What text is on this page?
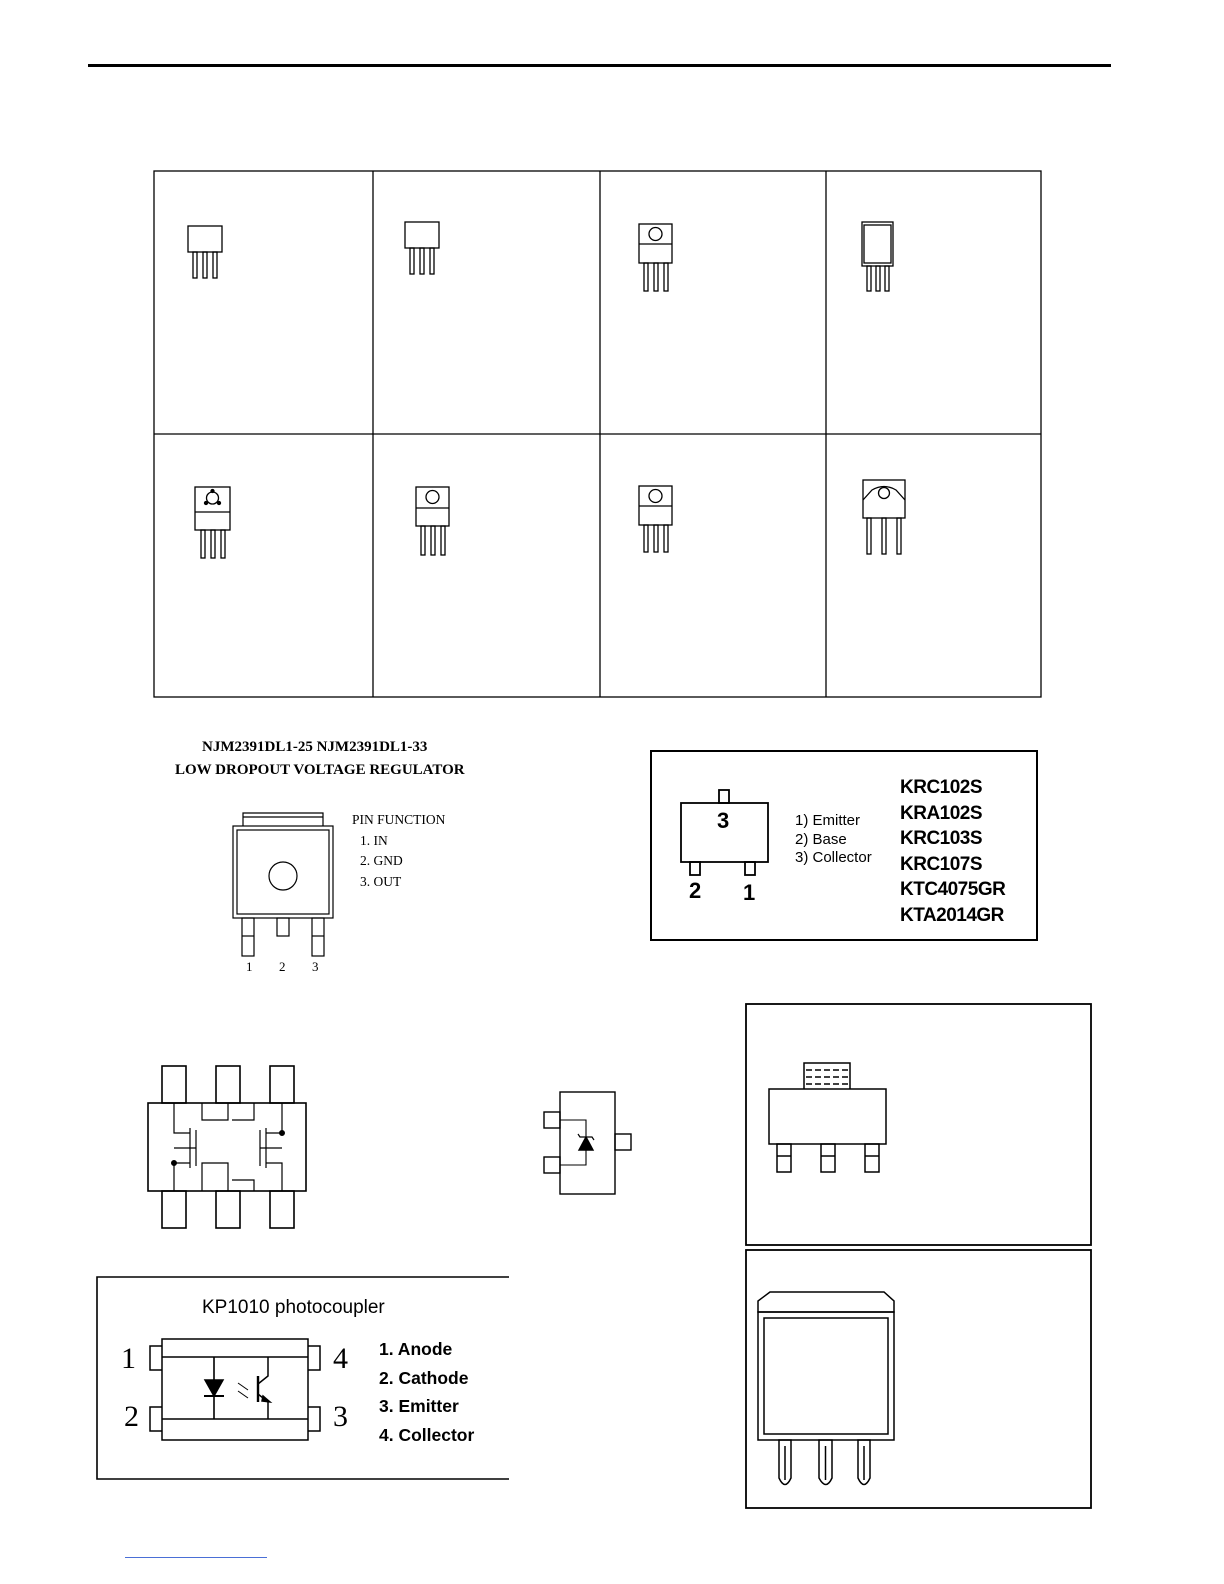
NJM2391DL1-25 NJM2391DL1-33
LOW DROPOUT VOLTAGE REGULATOR
PIN FUNCTION
1. IN
2. GND
3. OUT
1 2 3
3
2 1
1) Emitter
2) Base
3) Collector
KRC102S
KRA102S
KRC103S
KRC107S
KTC4075GR
KTA2014GR
KP1010 photocoupler
1
2	3
4 1. Anode
2. Cathode
3. Emitter
4. Collector
